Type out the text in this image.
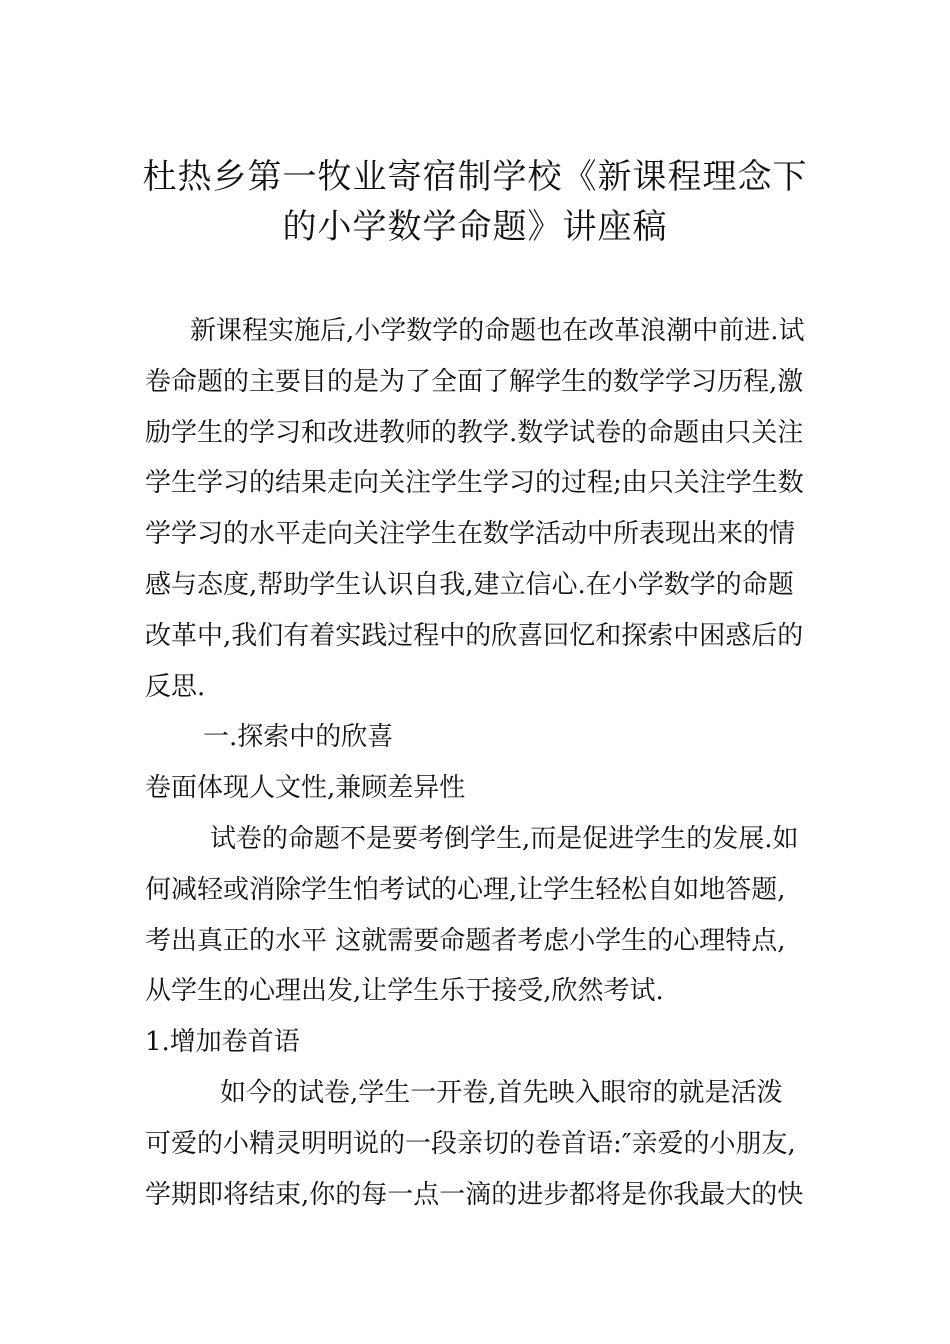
杜热乡第一牧业寄宿制学校《新课程理念下
的小学数学命题》讲座稿
新课程实施后,小学数学的命题也在改革浪潮中前进.试
卷命题的主要目的是为了全面了解学生的数学学习历程,激
励学生的学习和改进教师的教学.数学试卷的命题由只关注
学生学习的结果走向关注学生学习的过程;由只关注学生数
学学习的水平走向关注学生在数学活动中所表现出来的情
感与态度,帮助学生认识自我,建立信心.在小学数学的命题
改革中,我们有着实践过程中的欣喜回忆和探索中困惑后的
反思.
一.探索中的欣喜
卷面体现人文性,兼顾差异性
试卷的命题不是要考倒学生,而是促进学生的发展.如
何减轻或消除学生怕考试的心理,让学生轻松自如地答题,
考出真正的水平 这就需要命题者考虑小学生的心理特点,
从学生的心理出发,让学生乐于接受,欣然考试.
1.增加卷首语
如今的试卷,学生一开卷,首先映入眼帘的就是活泼
可爱的小精灵明明说的一段亲切的卷首语:″亲爱的小朋友,
学期即将结束,你的每一点一滴的进步都将是你我最大的快
